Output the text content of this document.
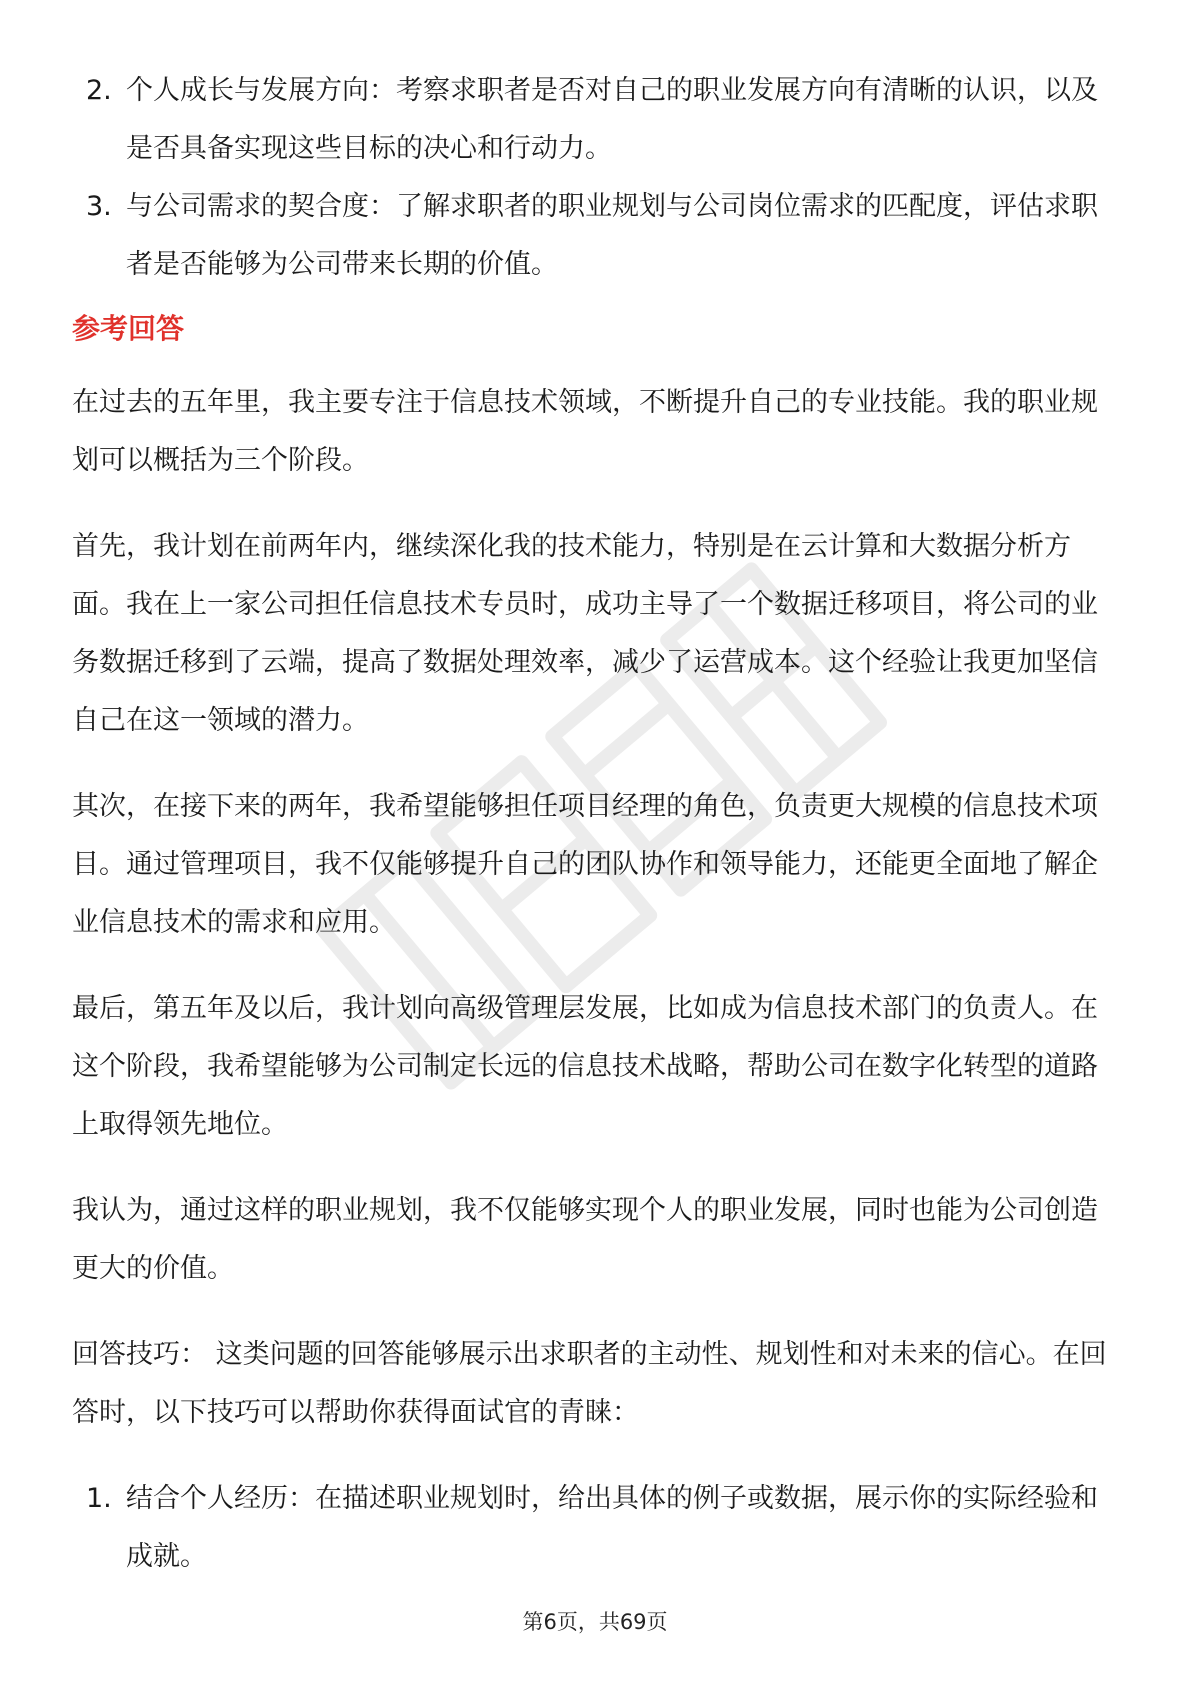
2. 个人成长与发展方向：考察求职者是否对自己的职业发展方向有清晰的认识，以及是否具备实现这些目标的决心和行动力。
3. 与公司需求的契合度：了解求职者的职业规划与公司岗位需求的匹配度，评估求职者是否能够为公司带来长期的价值。
参考回答

在过去的五年里，我主要专注于信息技术领域，不断提升自己的专业技能。我的职业规划可以概括为三个阶段。

首先，我计划在前两年内，继续深化我的技术能力，特别是在云计算和大数据分析方面。我在上一家公司担任信息技术专员时，成功主导了一个数据迁移项目，将公司的业务数据迁移到了云端，提高了数据处理效率，减少了运营成本。这个经验让我更加坚信自己在这一领域的潜力。

其次，在接下来的两年，我希望能够担任项目经理的角色，负责更大规模的信息技术项目。通过管理项目，我不仅能够提升自己的团队协作和领导能力，还能更全面地了解企业信息技术的需求和应用。

最后，第五年及以后，我计划向高级管理层发展，比如成为信息技术部门的负责人。在这个阶段，我希望能够为公司制定长远的信息技术战略，帮助公司在数字化转型的道路上取得领先地位。

我认为，通过这样的职业规划，我不仅能够实现个人的职业发展，同时也能为公司创造更大的价值。

回答技巧： 这类问题的回答能够展示出求职者的主动性、规划性和对未来的信心。在回答时，以下技巧可以帮助你获得面试官的青睐：

1. 结合个人经历：在描述职业规划时，给出具体的例子或数据，展示你的实际经验和成就。
第6页，共69页
